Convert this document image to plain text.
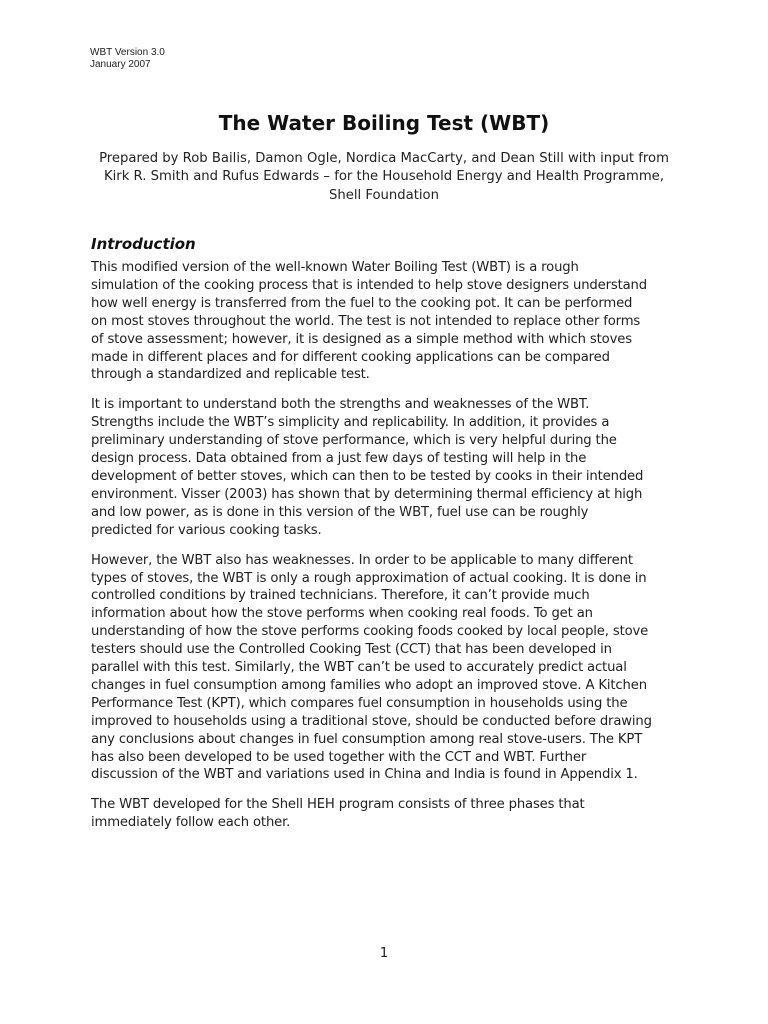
WBT Version 3.0
January 2007
The Water Boiling Test (WBT)
Prepared by Rob Bailis, Damon Ogle, Nordica MacCarty, and Dean Still with input from
Kirk R. Smith and Rufus Edwards – for the Household Energy and Health Programme,
Shell Foundation
Introduction

This modified version of the well-known Water Boiling Test (WBT) is a rough
simulation of the cooking process that is intended to help stove designers understand
how well energy is transferred from the fuel to the cooking pot. It can be performed
on most stoves throughout the world. The test is not intended to replace other forms
of stove assessment; however, it is designed as a simple method with which stoves
made in different places and for different cooking applications can be compared
through a standardized and replicable test.

It is important to understand both the strengths and weaknesses of the WBT.
Strengths include the WBT’s simplicity and replicability. In addition, it provides a
preliminary understanding of stove performance, which is very helpful during the
design process. Data obtained from a just few days of testing will help in the
development of better stoves, which can then to be tested by cooks in their intended
environment. Visser (2003) has shown that by determining thermal efficiency at high
and low power, as is done in this version of the WBT, fuel use can be roughly
predicted for various cooking tasks.

However, the WBT also has weaknesses. In order to be applicable to many different
types of stoves, the WBT is only a rough approximation of actual cooking. It is done in
controlled conditions by trained technicians. Therefore, it can’t provide much
information about how the stove performs when cooking real foods. To get an
understanding of how the stove performs cooking foods cooked by local people, stove
testers should use the Controlled Cooking Test (CCT) that has been developed in
parallel with this test. Similarly, the WBT can’t be used to accurately predict actual
changes in fuel consumption among families who adopt an improved stove. A Kitchen
Performance Test (KPT), which compares fuel consumption in households using the
improved to households using a traditional stove, should be conducted before drawing
any conclusions about changes in fuel consumption among real stove-users. The KPT
has also been developed to be used together with the CCT and WBT. Further
discussion of the WBT and variations used in China and India is found in Appendix 1.

The WBT developed for the Shell HEH program consists of three phases that
immediately follow each other.

1
